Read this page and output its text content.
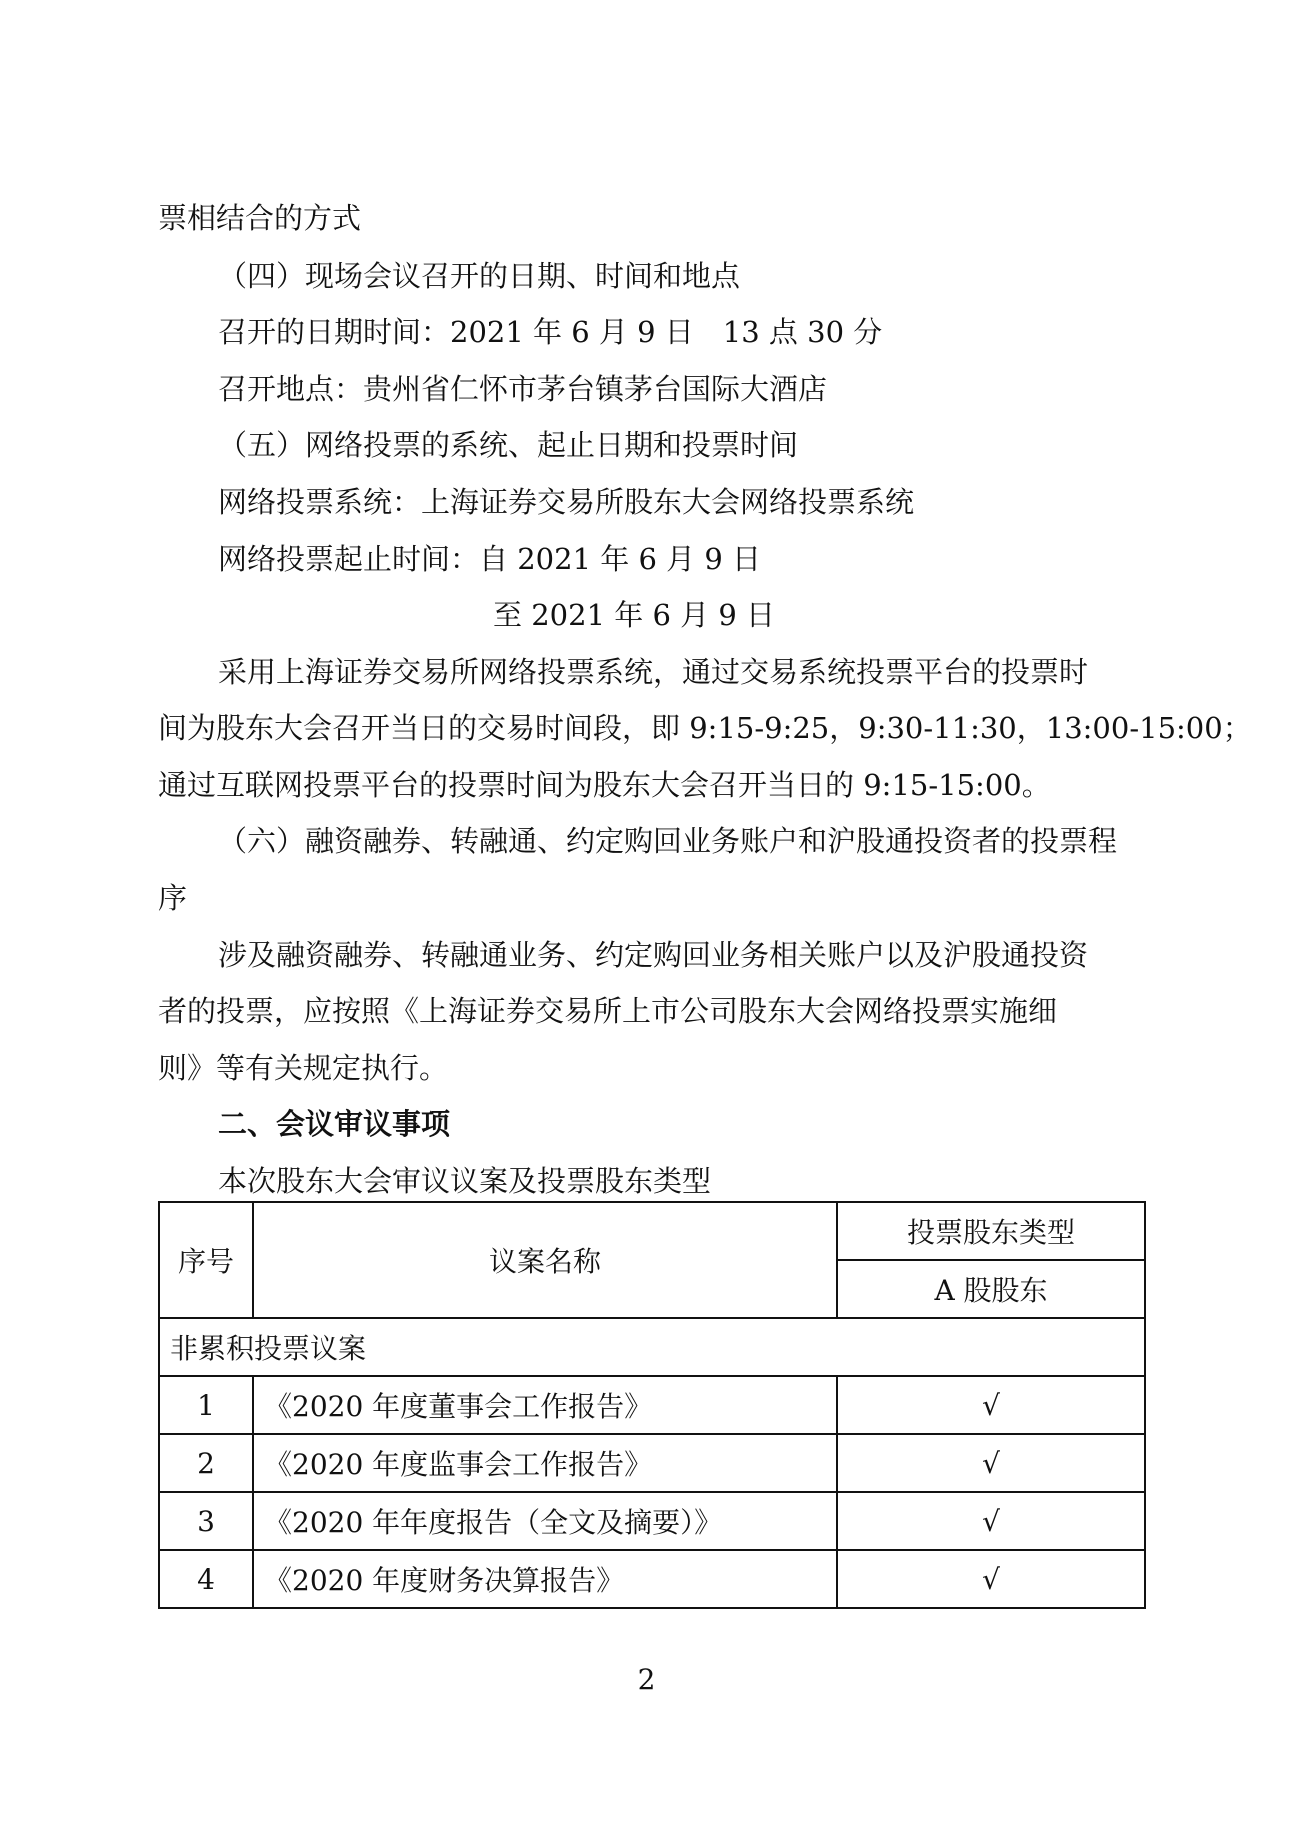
票相结合的方式
（四）现场会议召开的日期、时间和地点
召开的日期时间：2021 年 6 月 9 日　13 点 30 分
召开地点：贵州省仁怀市茅台镇茅台国际大酒店
（五）网络投票的系统、起止日期和投票时间
网络投票系统：上海证券交易所股东大会网络投票系统
网络投票起止时间：自 2021 年 6 月 9 日
至 2021 年 6 月 9 日
采用上海证券交易所网络投票系统，通过交易系统投票平台的投票时
间为股东大会召开当日的交易时间段，即 9:15-9:25，9:30-11:30，13:00-15:00；
通过互联网投票平台的投票时间为股东大会召开当日的 9:15-15:00。
（六）融资融券、转融通、约定购回业务账户和沪股通投资者的投票程
序
涉及融资融券、转融通业务、约定购回业务相关账户以及沪股通投资
者的投票，应按照《上海证券交易所上市公司股东大会网络投票实施细
则》等有关规定执行。
二、会议审议事项
本次股东大会审议议案及投票股东类型
序号	议案名称	投票股东类型
		A 股股东
非累积投票议案		
1	《2020 年度董事会工作报告》	√
2	《2020 年度监事会工作报告》	√
3	《2020 年年度报告（全文及摘要）》	√
4	《2020 年度财务决算报告》	√
2
